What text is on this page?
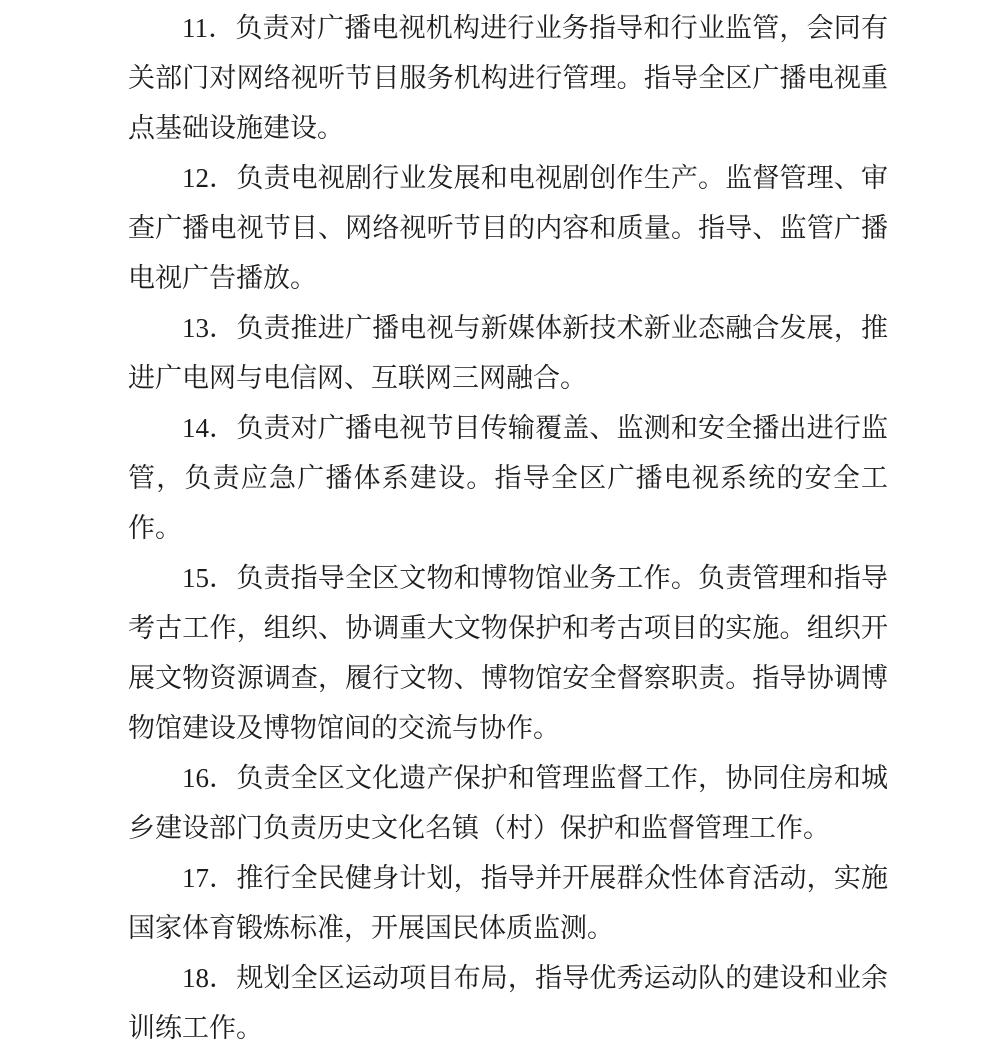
11．负责对广播电视机构进行业务指导和行业监管，会同有关部门对网络视听节目服务机构进行管理。指导全区广播电视重点基础设施建设。

12．负责电视剧行业发展和电视剧创作生产。监督管理、审查广播电视节目、网络视听节目的内容和质量。指导、监管广播电视广告播放。

13．负责推进广播电视与新媒体新技术新业态融合发展，推进广电网与电信网、互联网三网融合。

14．负责对广播电视节目传输覆盖、监测和安全播出进行监管，负责应急广播体系建设。指导全区广播电视系统的安全工作。

15．负责指导全区文物和博物馆业务工作。负责管理和指导考古工作，组织、协调重大文物保护和考古项目的实施。组织开展文物资源调查，履行文物、博物馆安全督察职责。指导协调博物馆建设及博物馆间的交流与协作。

16．负责全区文化遗产保护和管理监督工作，协同住房和城乡建设部门负责历史文化名镇（村）保护和监督管理工作。

17．推行全民健身计划，指导并开展群众性体育活动，实施国家体育锻炼标准，开展国民体质监测。

18．规划全区运动项目布局，指导优秀运动队的建设和业余训练工作。
